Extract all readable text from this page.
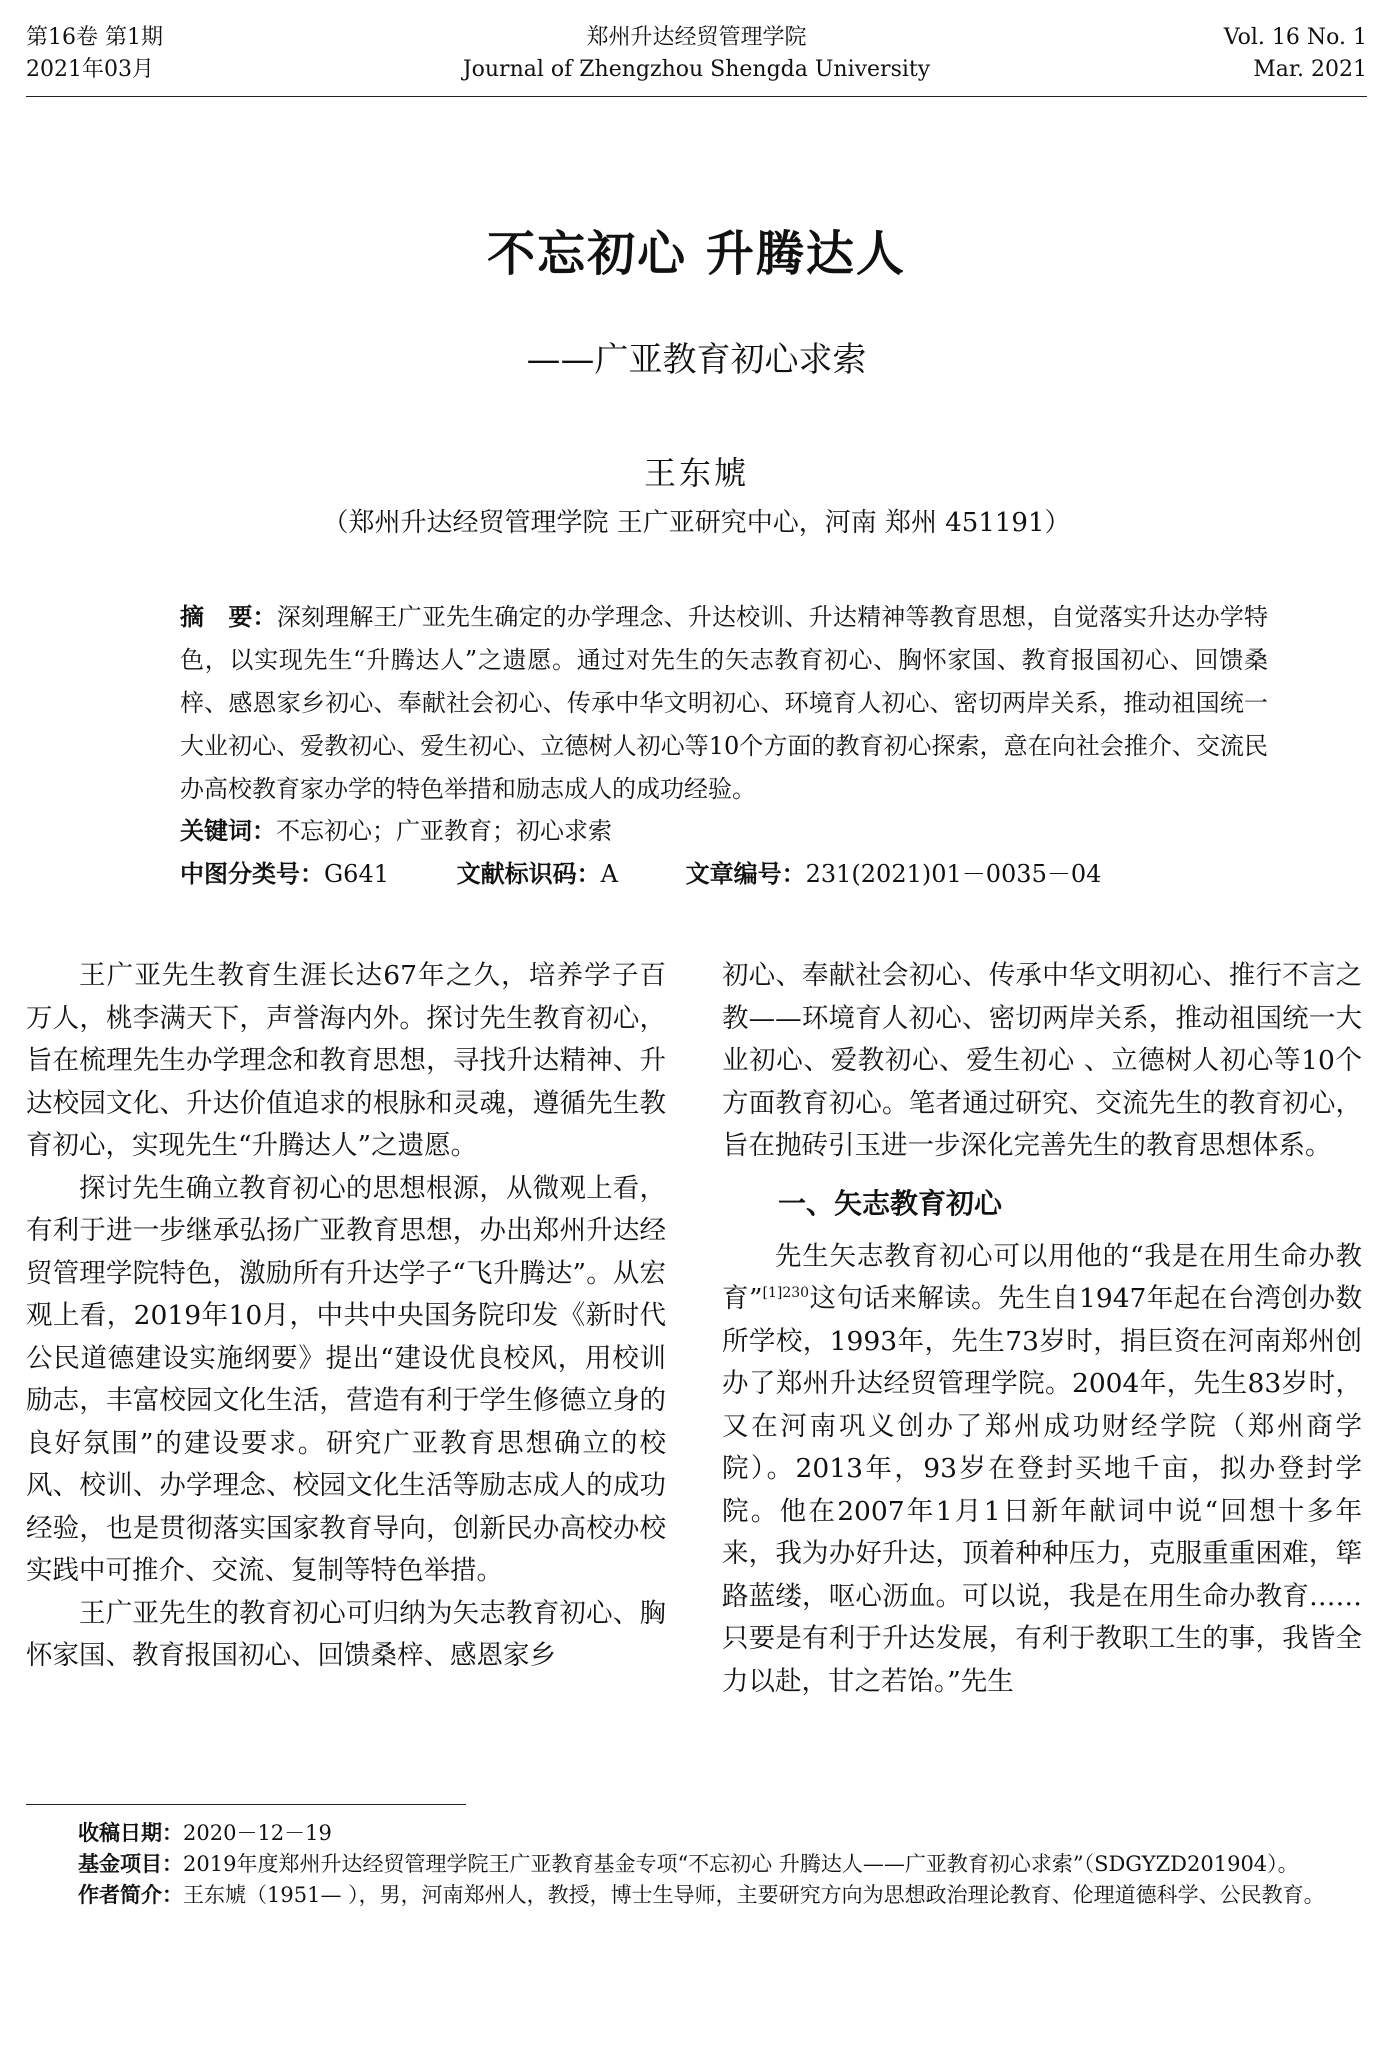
第16卷 第1期
2021年03月
郑州升达经贸管理学院
Journal of Zhengzhou Shengda University
Vol. 16 No. 1
Mar. 2021
不忘初心 升腾达人
——广亚教育初心求索
王东虓
（郑州升达经贸管理学院 王广亚研究中心，河南 郑州 451191）
摘　要：深刻理解王广亚先生确定的办学理念、升达校训、升达精神等教育思想，自觉落实升达办学特色，以实现先生“升腾达人”之遗愿。通过对先生的矢志教育初心、胸怀家国、教育报国初心、回馈桑梓、感恩家乡初心、奉献社会初心、传承中华文明初心、环境育人初心、密切两岸关系，推动祖国统一大业初心、爱教初心、爱生初心、立德树人初心等10个方面的教育初心探索，意在向社会推介、交流民办高校教育家办学的特色举措和励志成人的成功经验。
关键词：不忘初心；广亚教育；初心求索
中图分类号：G641	文献标识码：A	文章编号：231(2021)01－0035－04

王广亚先生教育生涯长达67年之久，培养学子百万人，桃李满天下，声誉海内外。探讨先生教育初心，旨在梳理先生办学理念和教育思想，寻找升达精神、升达校园文化、升达价值追求的根脉和灵魂，遵循先生教育初心，实现先生“升腾达人”之遗愿。

探讨先生确立教育初心的思想根源，从微观上看，有利于进一步继承弘扬广亚教育思想，办出郑州升达经贸管理学院特色，激励所有升达学子“飞升腾达”。从宏观上看，2019年10月，中共中央国务院印发《新时代公民道德建设实施纲要》提出“建设优良校风，用校训励志，丰富校园文化生活，营造有利于学生修德立身的良好氛围”的建设要求。研究广亚教育思想确立的校风、校训、办学理念、校园文化生活等励志成人的成功经验，也是贯彻落实国家教育导向，创新民办高校办校实践中可推介、交流、复制等特色举措。

王广亚先生的教育初心可归纳为矢志教育初心、胸怀家国、教育报国初心、回馈桑梓、感恩家乡

初心、奉献社会初心、传承中华文明初心、推行不言之教——环境育人初心、密切两岸关系，推动祖国统一大业初心、爱教初心、爱生初心 、立德树人初心等10个方面教育初心。笔者通过研究、交流先生的教育初心，旨在抛砖引玉进一步深化完善先生的教育思想体系。

一、矢志教育初心

先生矢志教育初心可以用他的“我是在用生命办教育”$^{[1]230}$这句话来解读。先生自1947年起在台湾创办数所学校，1993年，先生73岁时，捐巨资在河南郑州创办了郑州升达经贸管理学院。2004年，先生83岁时，又在河南巩义创办了郑州成功财经学院（郑州商学院）。2013年，93岁在登封买地千亩，拟办登封学院。他在2007年1月1日新年献词中说“回想十多年来，我为办好升达，顶着种种压力，克服重重困难，筚路蓝缕，呕心沥血。可以说，我是在用生命办教育……只要是有利于升达发展，有利于教职工生的事，我皆全力以赴，甘之若饴。”先生

收稿日期： 2020－12－19
基金项目： 2019年度郑州升达经贸管理学院王广亚教育基金专项“不忘初心 升腾达人——广亚教育初心求索”（SDGYZD201904）。
作者简介： 王东虓（1951— ），男，河南郑州人，教授，博士生导师，主要研究方向为思想政治理论教育、伦理道德科学、公民教育。
